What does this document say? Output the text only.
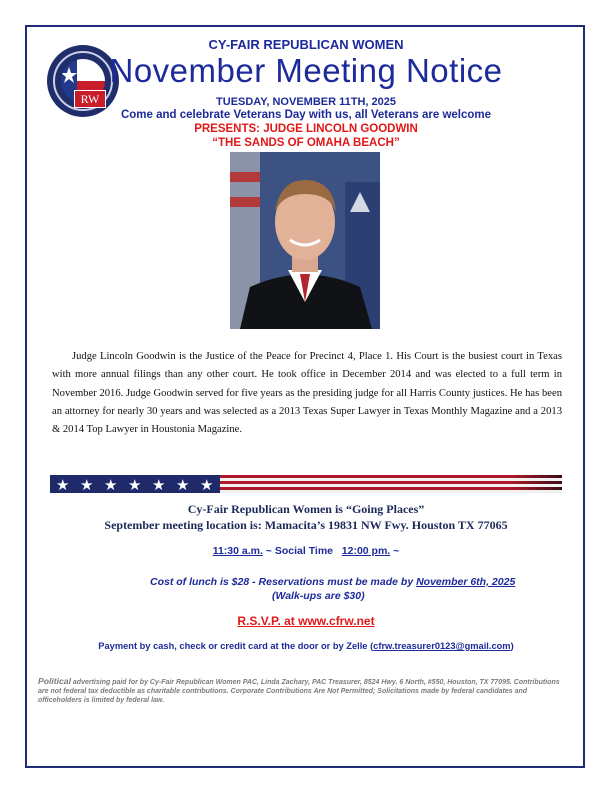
RW
CY-FAIR REPUBLICAN WOMEN
November Meeting Notice
TUESDAY, NOVEMBER 11TH, 2025
Come and celebrate Veterans Day with us, all Veterans are welcome
PRESENTS: JUDGE LINCOLN GOODWIN
“THE SANDS OF OMAHA BEACH”
Judge Lincoln Goodwin is the Justice of the Peace for Precinct 4, Place 1. His Court is the busiest court in Texas with more annual filings than any other court. He took office in December 2014 and was elected to a full term in November 2016. Judge Goodwin served for five years as the presiding judge for all Harris County justices. He has been an attorney for nearly 30 years and was selected as a 2013 Texas Super Lawyer in Texas Monthly Magazine and a 2013 & 2014 Top Lawyer in Houstonia Magazine.
★ ★ ★ ★ ★ ★ ★
Cy-Fair Republican Women is “Going Places”
September meeting location is: Mamacita’s 19831 NW Fwy. Houston TX 77065
11:30 a.m. ~ Social Time   12:00 pm. ~
Cost of lunch is $28 - Reservations must be made by November 6th, 2025
(Walk-ups are $30)
R.S.V.P. at www.cfrw.net
Payment by cash, check or credit card at the door or by Zelle (cfrw.treasurer0123@gmail.com)
Political advertising paid for by Cy-Fair Republican Women PAC, Linda Zachary, PAC Treasurer, 8524 Hwy. 6 North, #550, Houston, TX 77095. Contributions are not federal tax deductible as charitable contributions. Corporate Contributions Are Not Permitted; Solicitations made by federal candidates and officeholders is limited by federal law.
